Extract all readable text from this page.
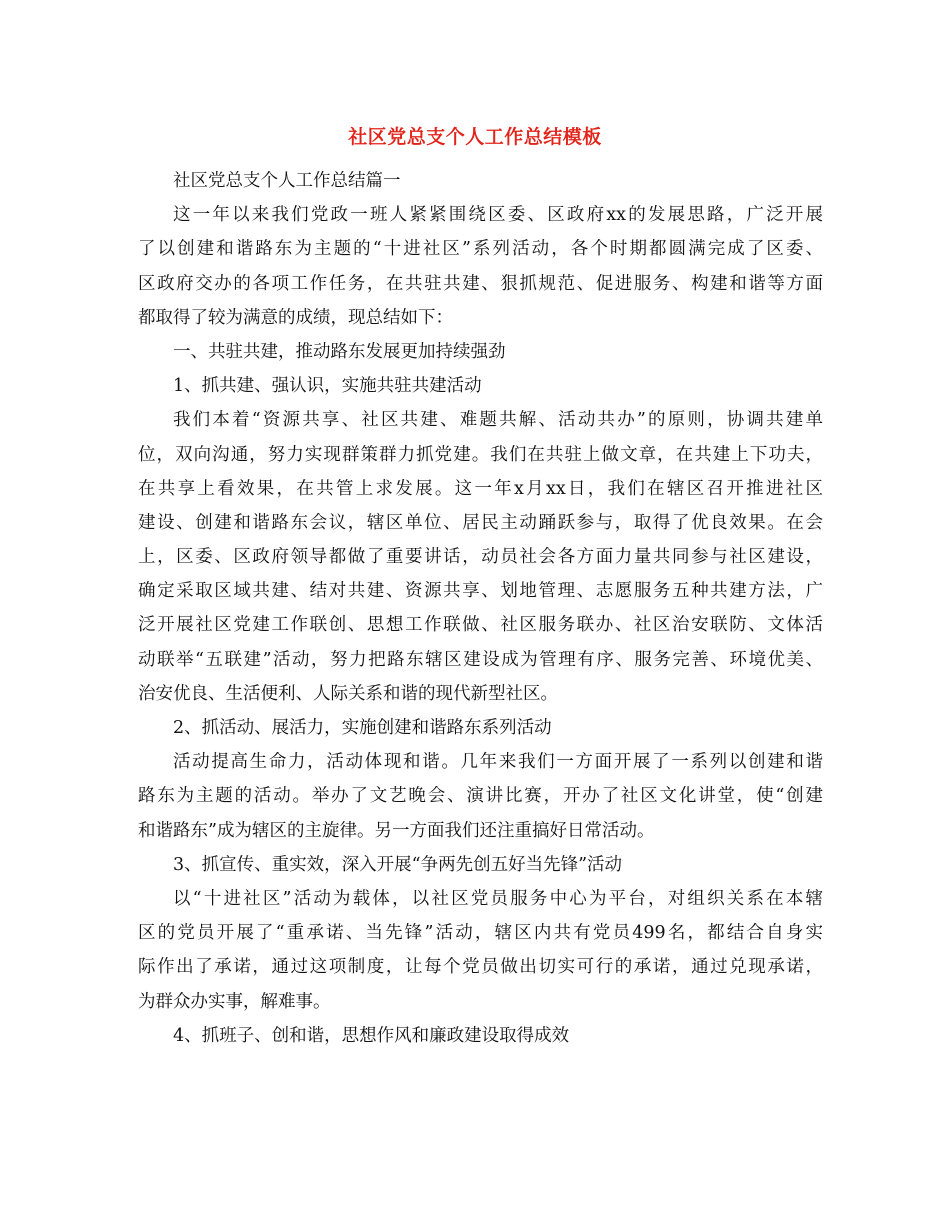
社区党总支个人工作总结模板
社区党总支个人工作总结篇一
这一年以来我们党政一班人紧紧围绕区委、区政府xx的发展思路，广泛开展
了以创建和谐路东为主题的“十进社区”系列活动，各个时期都圆满完成了区委、
区政府交办的各项工作任务，在共驻共建、狠抓规范、促进服务、构建和谐等方面
都取得了较为满意的成绩，现总结如下：
一、共驻共建，推动路东发展更加持续强劲
1、抓共建、强认识，实施共驻共建活动
我们本着“资源共享、社区共建、难题共解、活动共办”的原则，协调共建单
位，双向沟通，努力实现群策群力抓党建。我们在共驻上做文章，在共建上下功夫，
在共享上看效果，在共管上求发展。这一年x月xx日，我们在辖区召开推进社区
建设、创建和谐路东会议，辖区单位、居民主动踊跃参与，取得了优良效果。在会
上，区委、区政府领导都做了重要讲话，动员社会各方面力量共同参与社区建设，
确定采取区域共建、结对共建、资源共享、划地管理、志愿服务五种共建方法，广
泛开展社区党建工作联创、思想工作联做、社区服务联办、社区治安联防、文体活
动联举“五联建”活动，努力把路东辖区建设成为管理有序、服务完善、环境优美、
治安优良、生活便利、人际关系和谐的现代新型社区。
2、抓活动、展活力，实施创建和谐路东系列活动
活动提高生命力，活动体现和谐。几年来我们一方面开展了一系列以创建和谐
路东为主题的活动。举办了文艺晚会、演讲比赛，开办了社区文化讲堂，使“创建
和谐路东”成为辖区的主旋律。另一方面我们还注重搞好日常活动。
3、抓宣传、重实效，深入开展“争两先创五好当先锋”活动
以“十进社区”活动为载体，以社区党员服务中心为平台，对组织关系在本辖
区的党员开展了“重承诺、当先锋”活动，辖区内共有党员499名，都结合自身实
际作出了承诺，通过这项制度，让每个党员做出切实可行的承诺，通过兑现承诺，
为群众办实事，解难事。
4、抓班子、创和谐，思想作风和廉政建设取得成效
